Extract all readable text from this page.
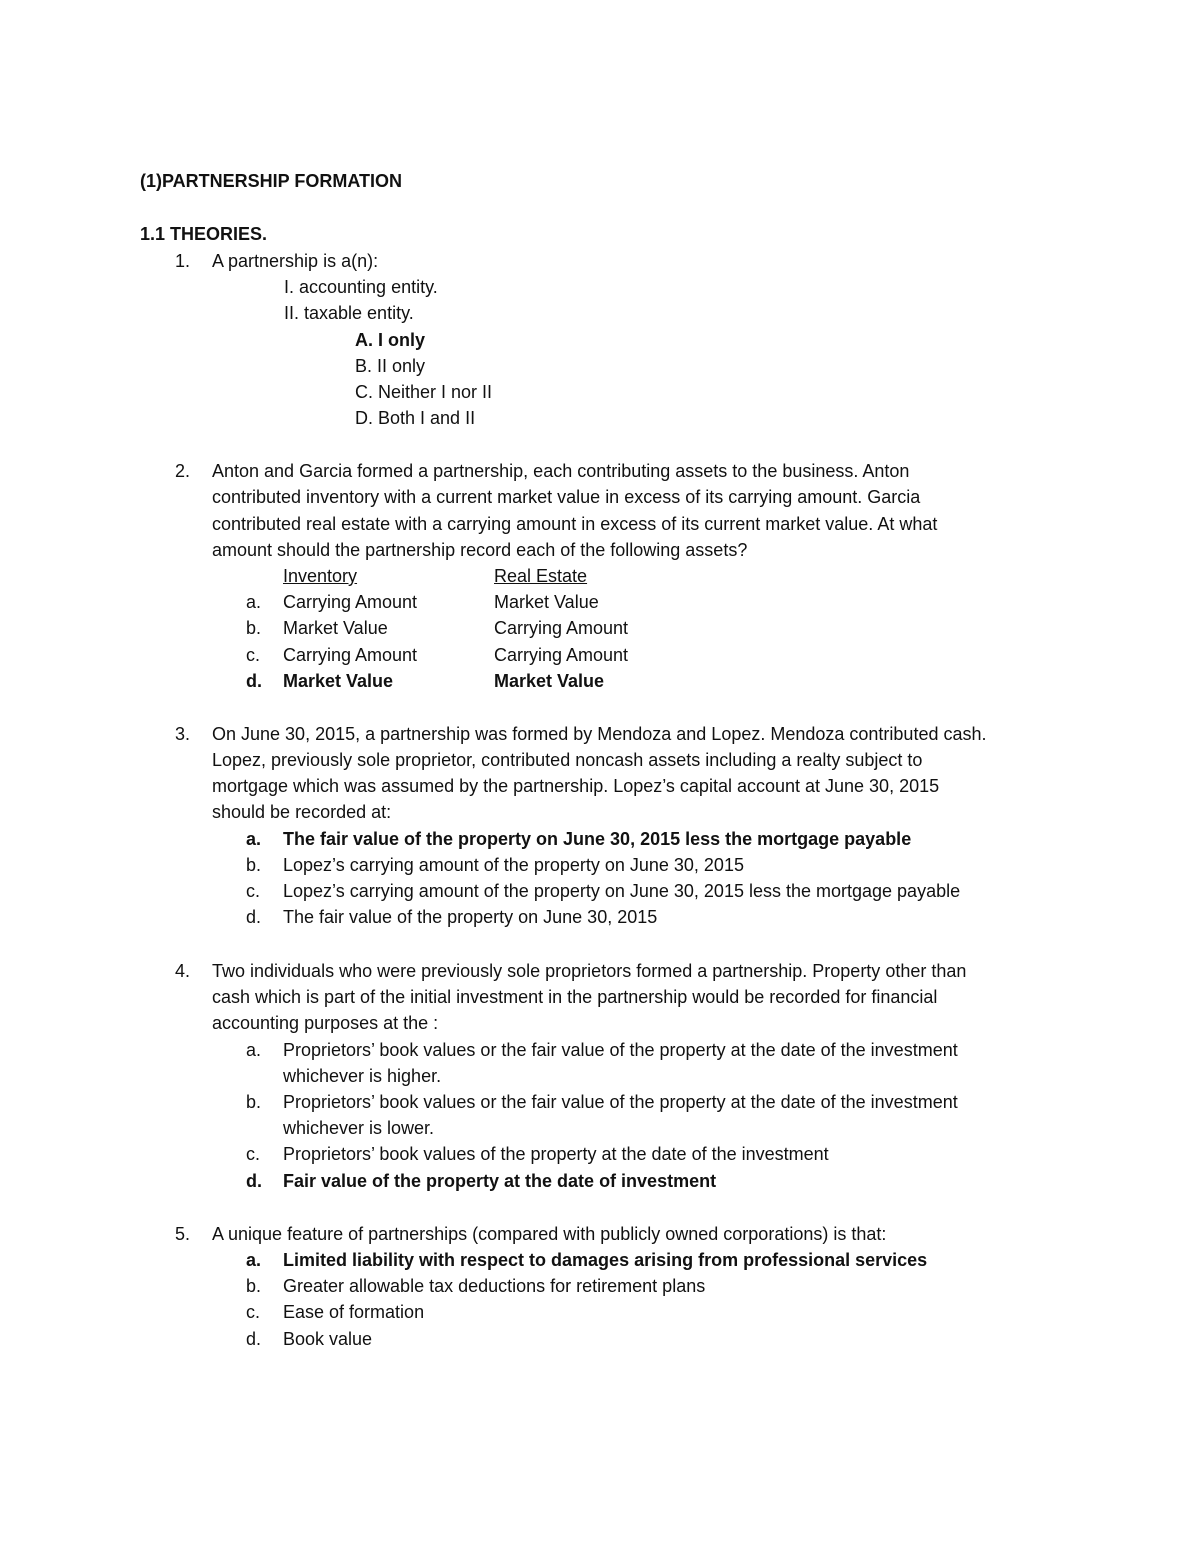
(1)PARTNERSHIP FORMATION
1.1 THEORIES.
1. A partnership is a(n):
I. accounting entity.
II. taxable entity.
A. I only
B. II only
C. Neither I nor II
D. Both I and II
2. Anton and Garcia formed a partnership, each contributing assets to the business. Anton
contributed inventory with a current market value in excess of its carrying amount. Garcia
contributed real estate with a carrying amount in excess of its current market value. At what
amount should the partnership record each of the following assets?
Inventory	Real Estate
a. Carrying Amount	Market Value
b. Market Value	Carrying Amount
c. Carrying Amount	Carrying Amount
d. Market Value	Market Value
3. On June 30, 2015, a partnership was formed by Mendoza and Lopez. Mendoza contributed cash.
Lopez, previously sole proprietor, contributed noncash assets including a realty subject to
mortgage which was assumed by the partnership. Lopez’s capital account at June 30, 2015
should be recorded at:
a. The fair value of the property on June 30, 2015 less the mortgage payable
b. Lopez’s carrying amount of the property on June 30, 2015
c. Lopez’s carrying amount of the property on June 30, 2015 less the mortgage payable
d. The fair value of the property on June 30, 2015
4. Two individuals who were previously sole proprietors formed a partnership. Property other than
cash which is part of the initial investment in the partnership would be recorded for financial
accounting purposes at the :
a. Proprietors’ book values or the fair value of the property at the date of the investment
whichever is higher.
b. Proprietors’ book values or the fair value of the property at the date of the investment
whichever is lower.
c. Proprietors’ book values of the property at the date of the investment
d. Fair value of the property at the date of investment
5. A unique feature of partnerships (compared with publicly owned corporations) is that:
a. Limited liability with respect to damages arising from professional services
b. Greater allowable tax deductions for retirement plans
c. Ease of formation
d. Book value
